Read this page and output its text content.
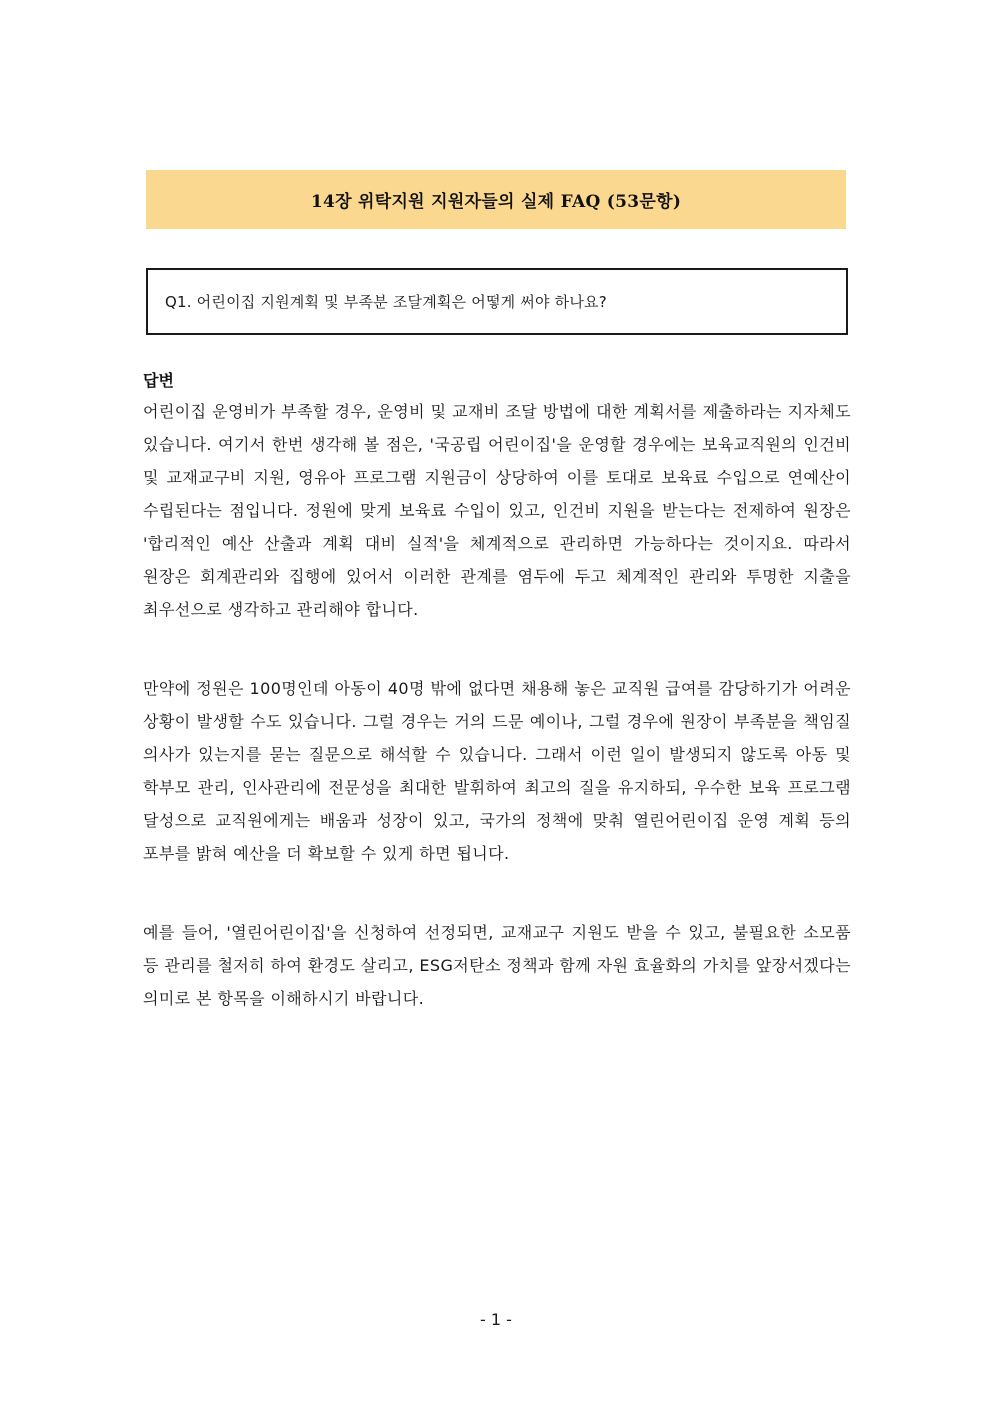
14장 위탁지원 지원자들의 실제 FAQ (53문항)
Q1. 어린이집 지원계획 및 부족분 조달계획은 어떻게 써야 하나요?
답변

어린이집 운영비가 부족할 경우, 운영비 및 교재비 조달 방법에 대한 계획서를 제출하라는 지자체도 있습니다. 여기서 한번 생각해 볼 점은, '국공립 어린이집'을 운영할 경우에는 보육교직원의 인건비 및 교재교구비 지원, 영유아 프로그램 지원금이 상당하여 이를 토대로 보육료 수입으로 연예산이 수립된다는 점입니다. 정원에 맞게 보육료 수입이 있고, 인건비 지원을 받는다는 전제하여 원장은 '합리적인 예산 산출과 계획 대비 실적'을 체계적으로 관리하면 가능하다는 것이지요. 따라서 원장은 회계관리와 집행에 있어서 이러한 관계를 염두에 두고 체계적인 관리와 투명한 지출을 최우선으로 생각하고 관리해야 합니다.

만약에 정원은 100명인데 아동이 40명 밖에 없다면 채용해 놓은 교직원 급여를 감당하기가 어려운 상황이 발생할 수도 있습니다. 그럴 경우는 거의 드문 예이나, 그럴 경우에 원장이 부족분을 책임질 의사가 있는지를 묻는 질문으로 해석할 수 있습니다. 그래서 이런 일이 발생되지 않도록 아동 및 학부모 관리, 인사관리에 전문성을 최대한 발휘하여 최고의 질을 유지하되, 우수한 보육 프로그램 달성으로 교직원에게는 배움과 성장이 있고, 국가의 정책에 맞춰 열린어린이집 운영 계획 등의 포부를 밝혀 예산을 더 확보할 수 있게 하면 됩니다.

예를 들어, '열린어린이집'을 신청하여 선정되면, 교재교구 지원도 받을 수 있고, 불필요한 소모품 등 관리를 철저히 하여 환경도 살리고, ESG저탄소 정책과 함께 자원 효율화의 가치를 앞장서겠다는 의미로 본 항목을 이해하시기 바랍니다.

- 1 -
